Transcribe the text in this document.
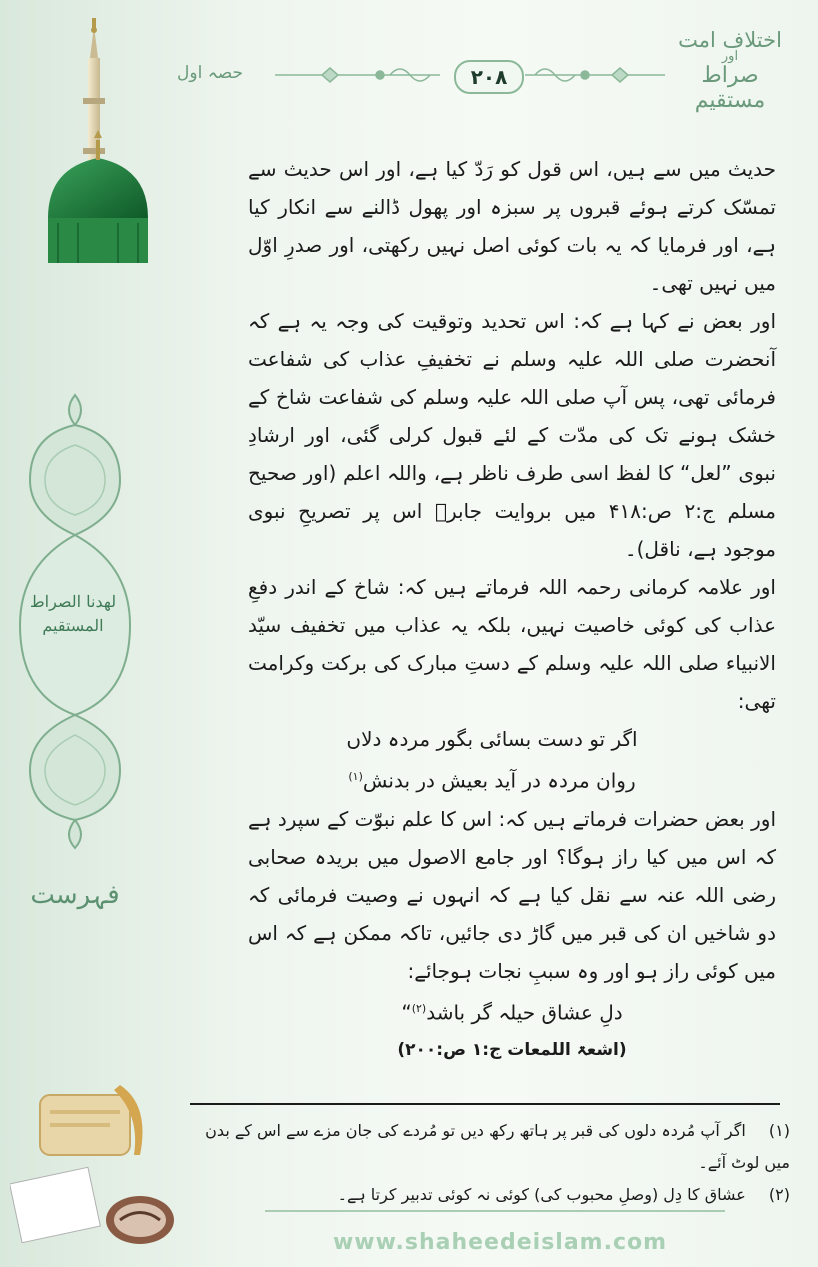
اختلاف امت
اور
صراط مستقیم
۲۰۸
حصہ اول
لھدنا الصراط المستقیم
فہرست

حدیث میں سے ہیں، اس قول کو رَدّ کیا ہے، اور اس حدیث سے تمسّک کرتے ہوئے قبروں پر سبزہ اور پھول ڈالنے سے انکار کیا ہے، اور فرمایا کہ یہ بات کوئی اصل نہیں رکھتی، اور صدرِ اوّل میں نہیں تھی۔

اور بعض نے کہا ہے کہ: اس تحدید وتوقیت کی وجہ یہ ہے کہ آنحضرت صلی اللہ علیہ وسلم نے تخفیفِ عذاب کی شفاعت فرمائی تھی، پس آپ صلی اللہ علیہ وسلم کی شفاعت شاخ کے خشک ہونے تک کی مدّت کے لئے قبول کرلی گئی، اور ارشادِ نبوی ”لعل“ کا لفظ اسی طرف ناظر ہے، واللہ اعلم (اور صحیح مسلم ج:۲ ص:۴۱۸ میں بروایت جابرؓ اس پر تصریحِ نبوی موجود ہے، ناقل)۔

اور علامہ کرمانی رحمہ اللہ فرماتے ہیں کہ: شاخ کے اندر دفعِ عذاب کی کوئی خاصیت نہیں، بلکہ یہ عذاب میں تخفیف سیّد الانبیاء صلی اللہ علیہ وسلم کے دستِ مبارک کی برکت وکرامت تھی:

اگر تو دست بسائی بگور مردہ دلاں
روان مردہ در آید بعیش در بدنش$^{(۱)}$

اور بعض حضرات فرماتے ہیں کہ: اس کا علم نبوّت کے سپرد ہے کہ اس میں کیا راز ہوگا؟ اور جامع الاصول میں بریدہ صحابی رضی اللہ عنہ سے نقل کیا ہے کہ انہوں نے وصیت فرمائی کہ دو شاخیں ان کی قبر میں گاڑ دی جائیں، تاکہ ممکن ہے کہ اس میں کوئی راز ہو اور وہ سببِ نجات ہوجائے:

دلِ عشاق حیلہ گر باشد$^{(۲)}$“
(اشعۃ اللمعات ج:۱ ص:۲۰۰)
(۱) اگر آپ مُردہ دلوں کی قبر پر ہاتھ رکھ دیں تو مُردے کی جان مزے سے اس کے بدن میں لوٹ آئے۔
(۲) عشاق کا دِل (وصلِ محبوب کی) کوئی نہ کوئی تدبیر کرتا ہے۔
www.shaheedeislam.com
